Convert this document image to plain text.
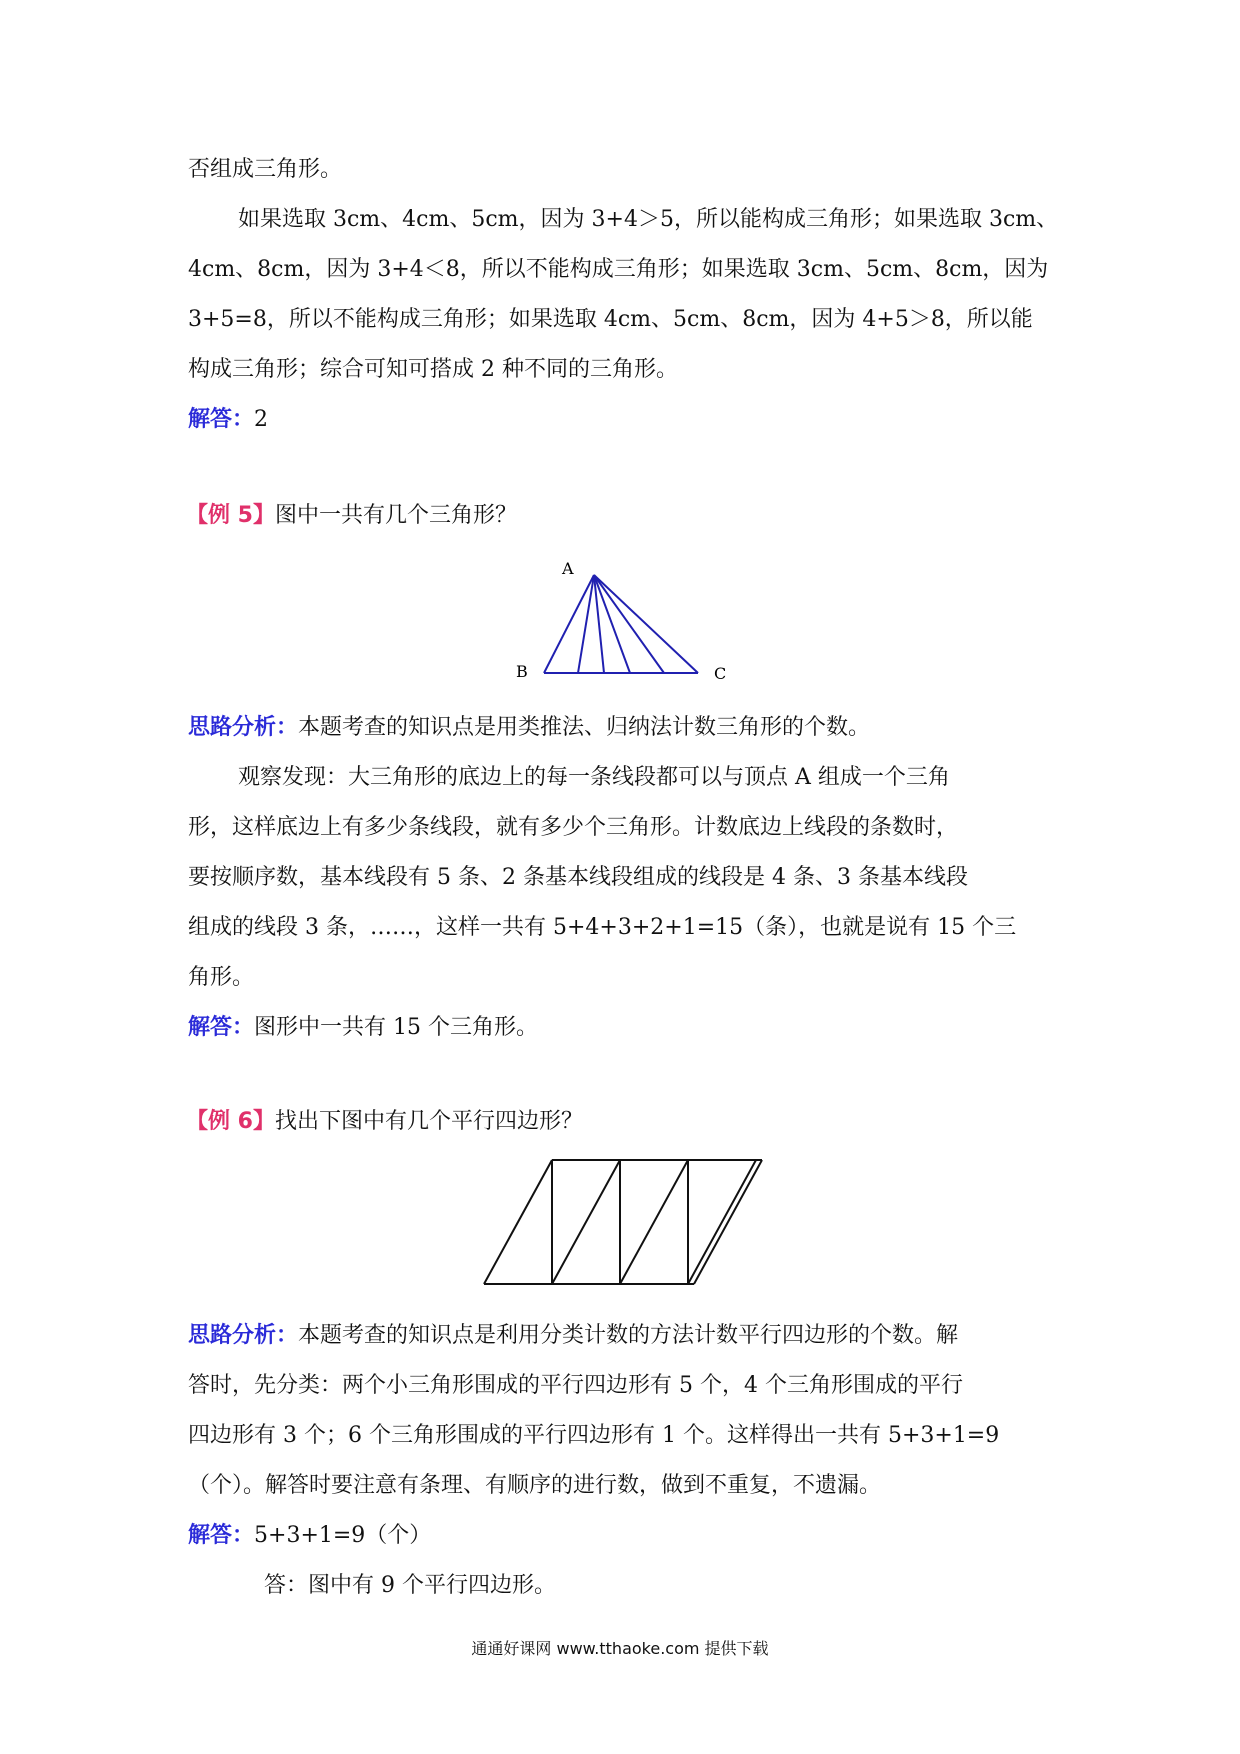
否组成三角形。
如果选取 3cm、4cm、5cm，因为 3+4＞5，所以能构成三角形；如果选取 3cm、
4cm、8cm，因为 3+4＜8，所以不能构成三角形；如果选取 3cm、5cm、8cm，因为
3+5=8，所以不能构成三角形；如果选取 4cm、5cm、8cm，因为 4+5＞8，所以能
构成三角形；综合可知可搭成 2 种不同的三角形。
解答：2
【例 5】图中一共有几个三角形？
A
B	C
思路分析：本题考查的知识点是用类推法、归纳法计数三角形的个数。
观察发现：大三角形的底边上的每一条线段都可以与顶点 A 组成一个三角
形，这样底边上有多少条线段，就有多少个三角形。计数底边上线段的条数时，
要按顺序数，基本线段有 5 条、2 条基本线段组成的线段是 4 条、3 条基本线段
组成的线段 3 条，……，这样一共有 5+4+3+2+1=15（条），也就是说有 15 个三
角形。
解答：图形中一共有 15 个三角形。
【例 6】找出下图中有几个平行四边形？
思路分析：本题考查的知识点是利用分类计数的方法计数平行四边形的个数。解
答时，先分类：两个小三角形围成的平行四边形有 5 个，4 个三角形围成的平行
四边形有 3 个；6 个三角形围成的平行四边形有 1 个。这样得出一共有 5+3+1=9
（个）。解答时要注意有条理、有顺序的进行数，做到不重复，不遗漏。
解答：5+3+1=9（个）
答：图中有 9 个平行四边形。
通通好课网 www.tthaoke.com 提供下载
